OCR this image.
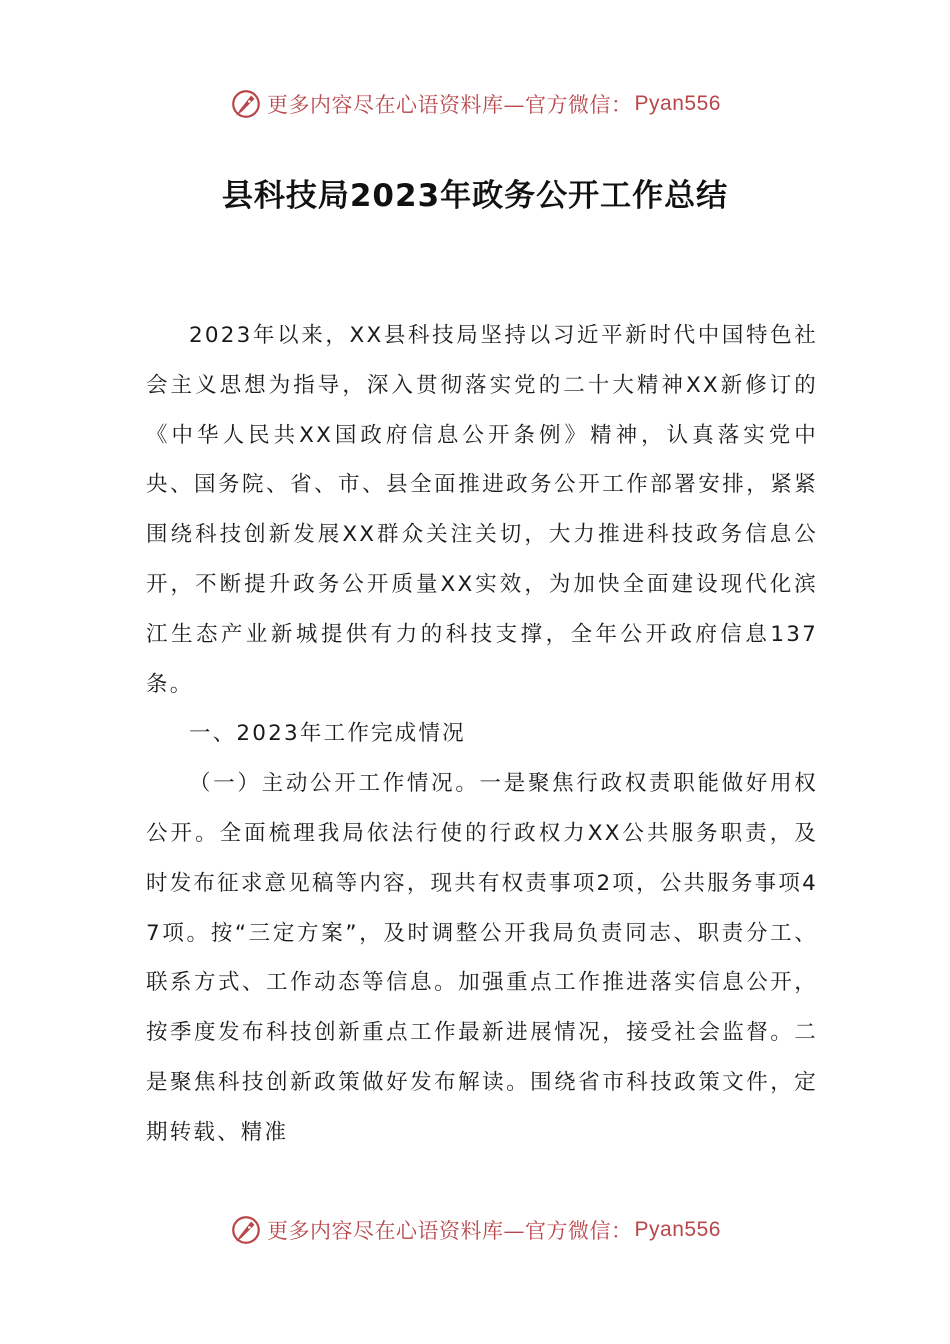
更多内容尽在心语资料库—官方微信： Pyan556
县科技局2023年政务公开工作总结

2023年以来，XX县科技局坚持以习近平新时代中国特色社会主义思想为指导，深入贯彻落实党的二十大精神XX新修订的《中华人民共XX国政府信息公开条例》精神，认真落实党中央、国务院、省、市、县全面推进政务公开工作部署安排，紧紧围绕科技创新发展XX群众关注关切，大力推进科技政务信息公开，不断提升政务公开质量XX实效，为加快全面建设现代化滨江生态产业新城提供有力的科技支撑，全年公开政府信息137条。

一、2023年工作完成情况

（一）主动公开工作情况。一是聚焦行政权责职能做好用权公开。全面梳理我局依法行使的行政权力XX公共服务职责，及时发布征求意见稿等内容，现共有权责事项2项，公共服务事项47项。按“三定方案”，及时调整公开我局负责同志、职责分工、联系方式、工作动态等信息。加强重点工作推进落实信息公开，按季度发布科技创新重点工作最新进展情况，接受社会监督。二是聚焦科技创新政策做好发布解读。围绕省市科技政策文件，定期转载、精准

更多内容尽在心语资料库—官方微信： Pyan556
